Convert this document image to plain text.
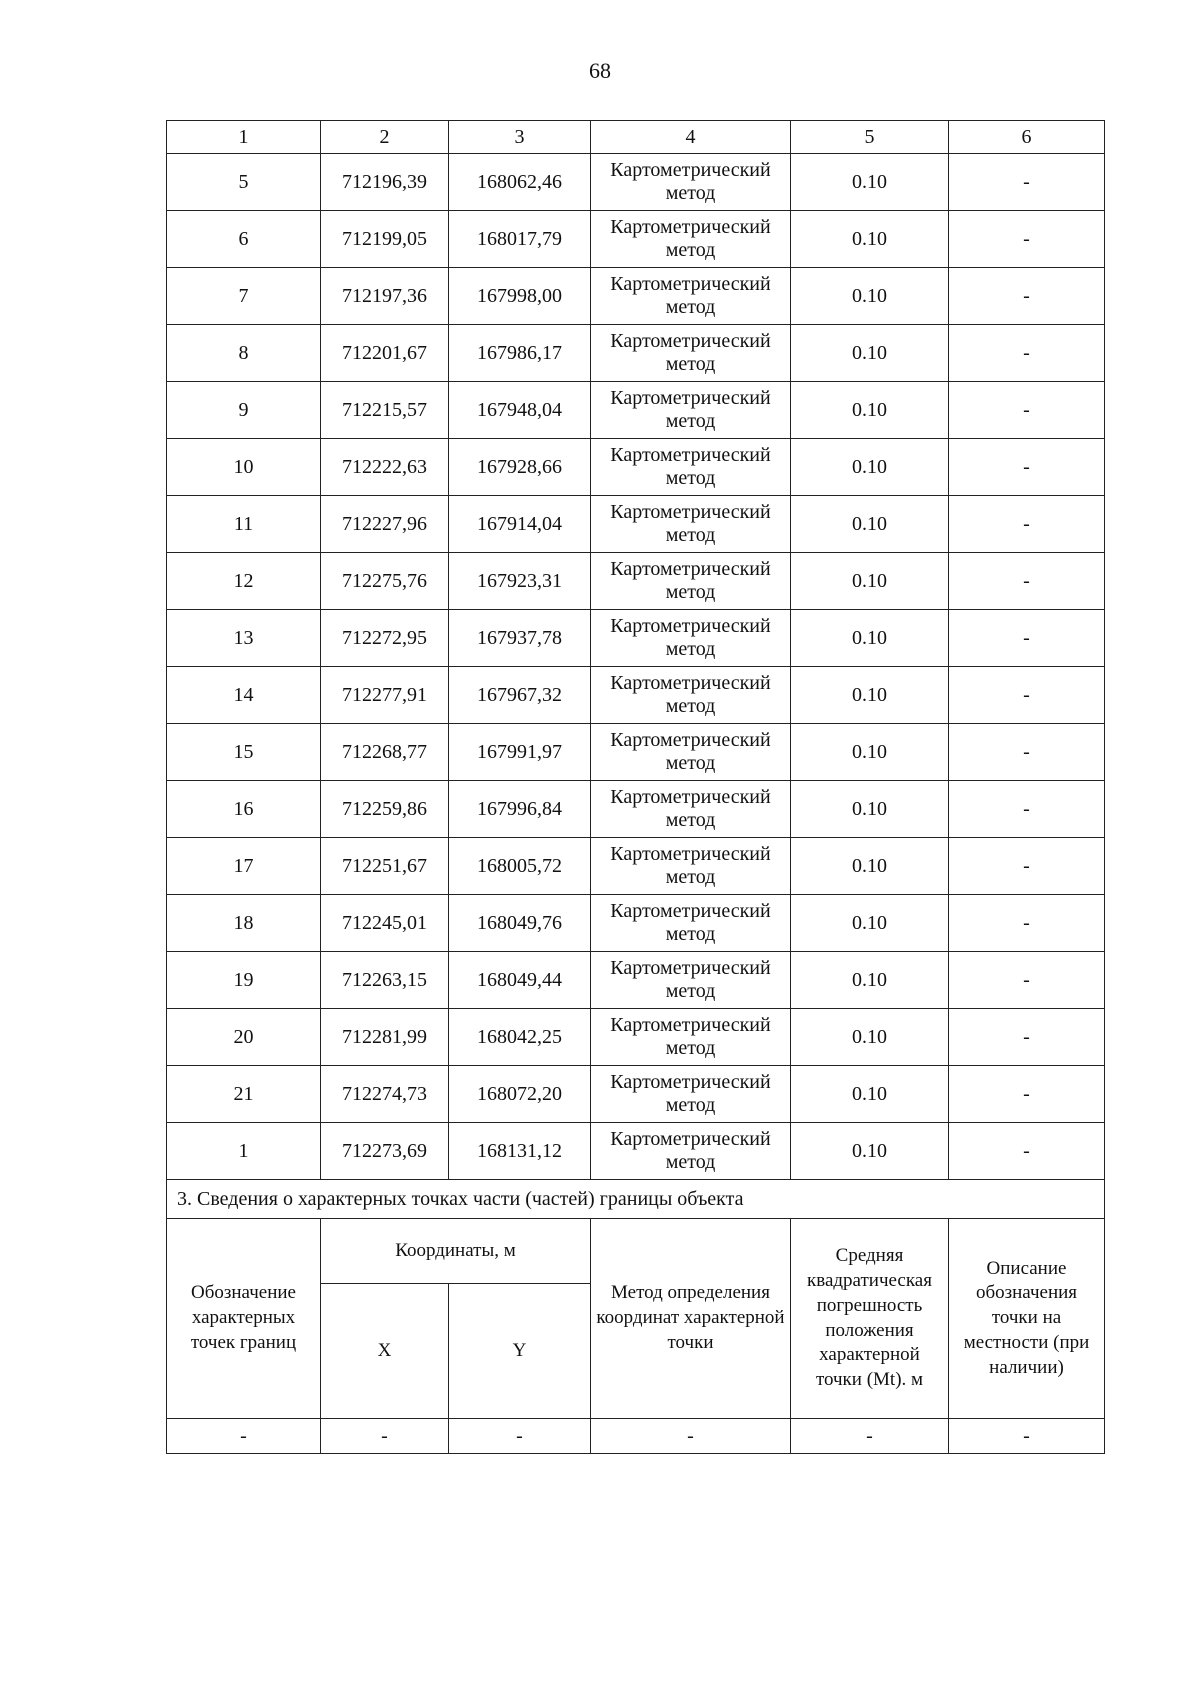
68
1	2	3	4	5	6
5	712196,39	168062,46	Картометрический метод	0.10	-
6	712199,05	168017,79	Картометрический метод	0.10	-
7	712197,36	167998,00	Картометрический метод	0.10	-
8	712201,67	167986,17	Картометрический метод	0.10	-
9	712215,57	167948,04	Картометрический метод	0.10	-
10	712222,63	167928,66	Картометрический метод	0.10	-
11	712227,96	167914,04	Картометрический метод	0.10	-
12	712275,76	167923,31	Картометрический метод	0.10	-
13	712272,95	167937,78	Картометрический метод	0.10	-
14	712277,91	167967,32	Картометрический метод	0.10	-
15	712268,77	167991,97	Картометрический метод	0.10	-
16	712259,86	167996,84	Картометрический метод	0.10	-
17	712251,67	168005,72	Картометрический метод	0.10	-
18	712245,01	168049,76	Картометрический метод	0.10	-
19	712263,15	168049,44	Картометрический метод	0.10	-
20	712281,99	168042,25	Картометрический метод	0.10	-
21	712274,73	168072,20	Картометрический метод	0.10	-
1	712273,69	168131,12	Картометрический метод	0.10	-
3. Сведения о характерных точках части (частей) границы объекта					
Обозначение характерных точек границ	Координаты, м		Метод определения координат характерной точки	Средняя квадратическая погрешность положения характерной точки (Mt). м	Описание обозначения точки на местности (при наличии)
	X	Y			
-	-	-	-	-	-
